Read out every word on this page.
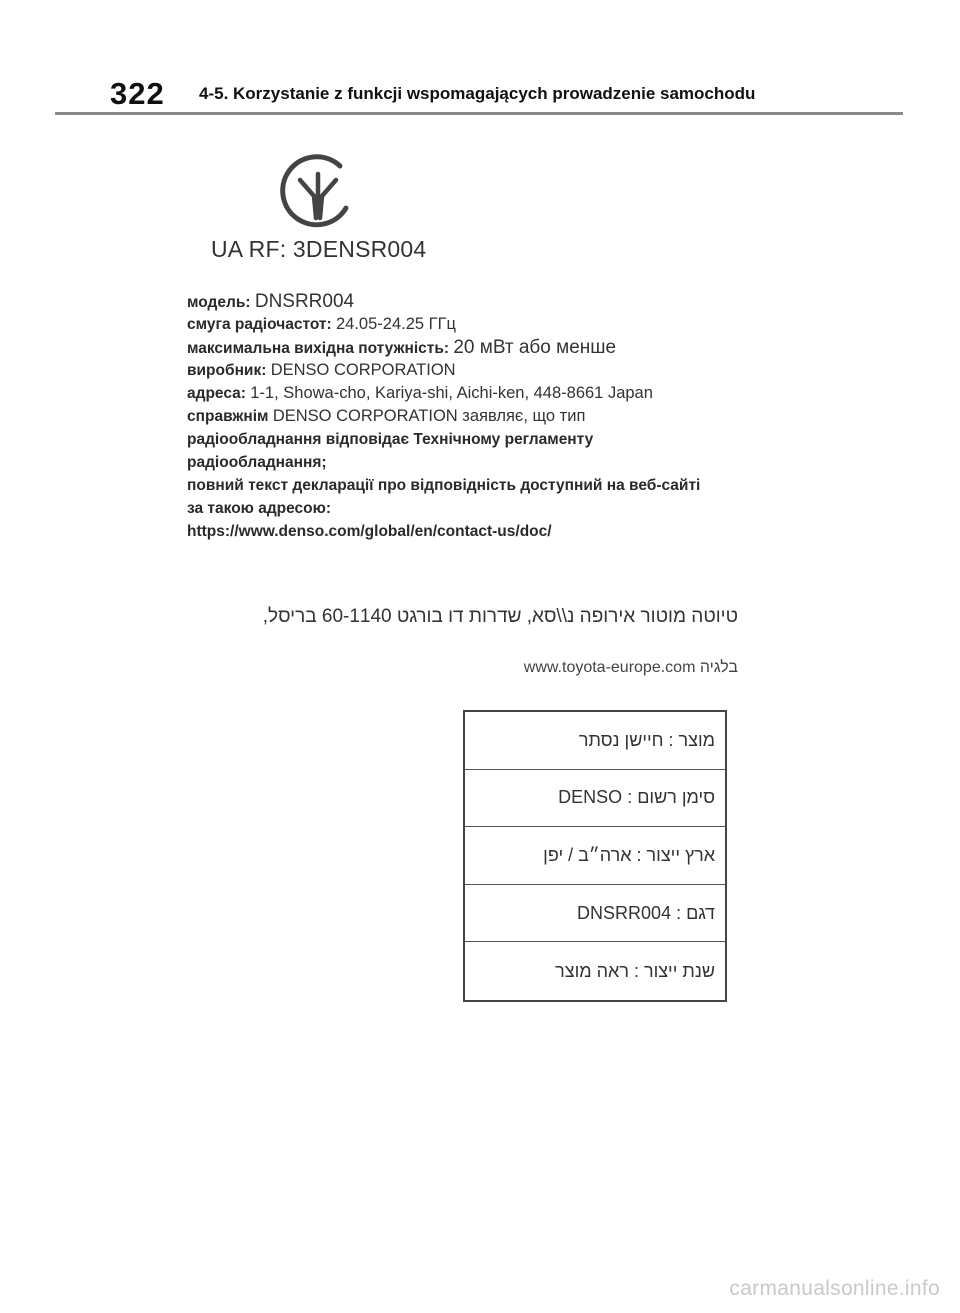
322 4-5. Korzystanie z funkcji wspomagających prowadzenie samochodu
UA RF: 3DENSR004
модель: DNSRR004
смуга радіочастот: 24.05-24.25 ГГц
максимальна вихідна потужність: 20 мВт або менше
виробник: DENSO CORPORATION
адреса: 1-1, Showa-cho, Kariya-shi, Aichi-ken, 448-8661 Japan
справжнім DENSO CORPORATION заявляє, що тип
радіообладнання відповідає Технічному регламенту
радіообладнання;
повний текст декларації про відповідність доступний на веб-сайті
за такою адресою:
https://www.denso.com/global/en/contact-us/doc/
טיוטה מוטור אירופה נ\\סא, שדרות דו בורגט 60-1140 בריסל,
בלגיה www.toyota-europe.com
מוצר : חיישן נסתר
סימן רשום : DENSO
ארץ ייצור : ארה״ב / יפן
דגם : DNSRR004
שנת ייצור : ראה מוצר
carmanualsonline.info
